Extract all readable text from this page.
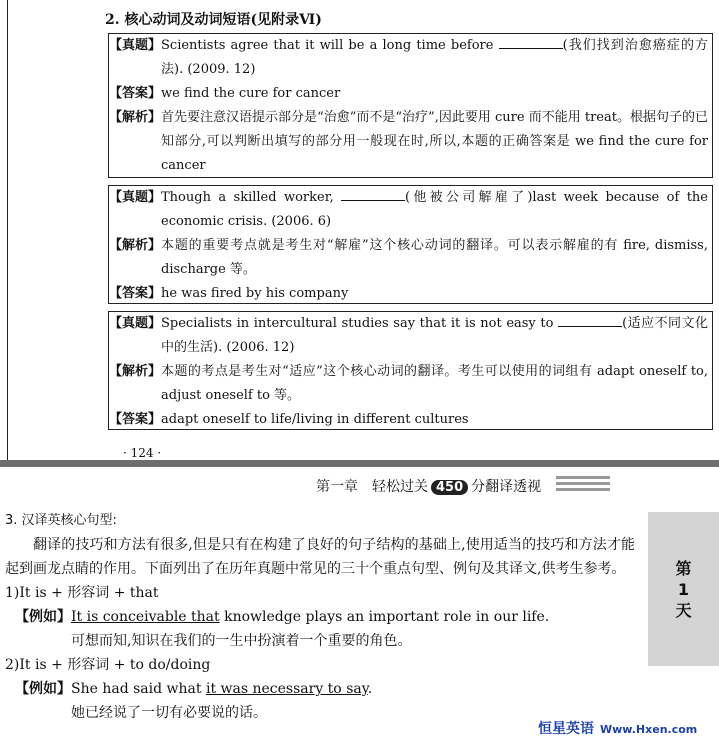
2. 核心动词及动词短语(见附录Ⅵ)
【真题】 Scientists agree that it will be a long time before	(我们找到治愈癌症的方法). (2009. 12)
【答案】 we find the cure for cancer
【解析】 首先要注意汉语提示部分是“治愈”而不是“治疗”,因此要用 cure 而不能用 treat。根据句子的已知部分,可以判断出填写的部分用一般现在时,所以,本题的正确答案是 we find the cure for cancer
【真题】 Though a skilled worker,	(他被公司解雇了)last week because of the economic crisis. (2006. 6)
【解析】 本题的重要考点就是考生对“解雇”这个核心动词的翻译。可以表示解雇的有 fire, dismiss, discharge 等。
【答案】 he was fired by his company
【真题】 Specialists in intercultural studies say that it is not easy to	(适应不同文化中的生活). (2006. 12)
【解析】 本题的考点是考生对“适应”这个核心动词的翻译。考生可以使用的词组有 adapt oneself to, adjust oneself to 等。
【答案】 adapt oneself to life/living in different cultures
· 124 ·
第一章 轻松过关 450 分翻译透视
第
1
天

3. 汉译英核心句型:

翻译的技巧和方法有很多,但是只有在构建了良好的句子结构的基础上,使用适当的技巧和方法才能起到画龙点睛的作用。下面列出了在历年真题中常见的三十个重点句型、例句及其译文,供考生参考。

1)It is + 形容词 + that

【例如】It is conceivable that knowledge plays an important role in our life.

可想而知,知识在我们的一生中扮演着一个重要的角色。

2)It is + 形容词 + to do/doing

【例如】She had said what it was necessary to say.

她已经说了一切有必要说的话。

恒星英语 Www.Hxen.com
